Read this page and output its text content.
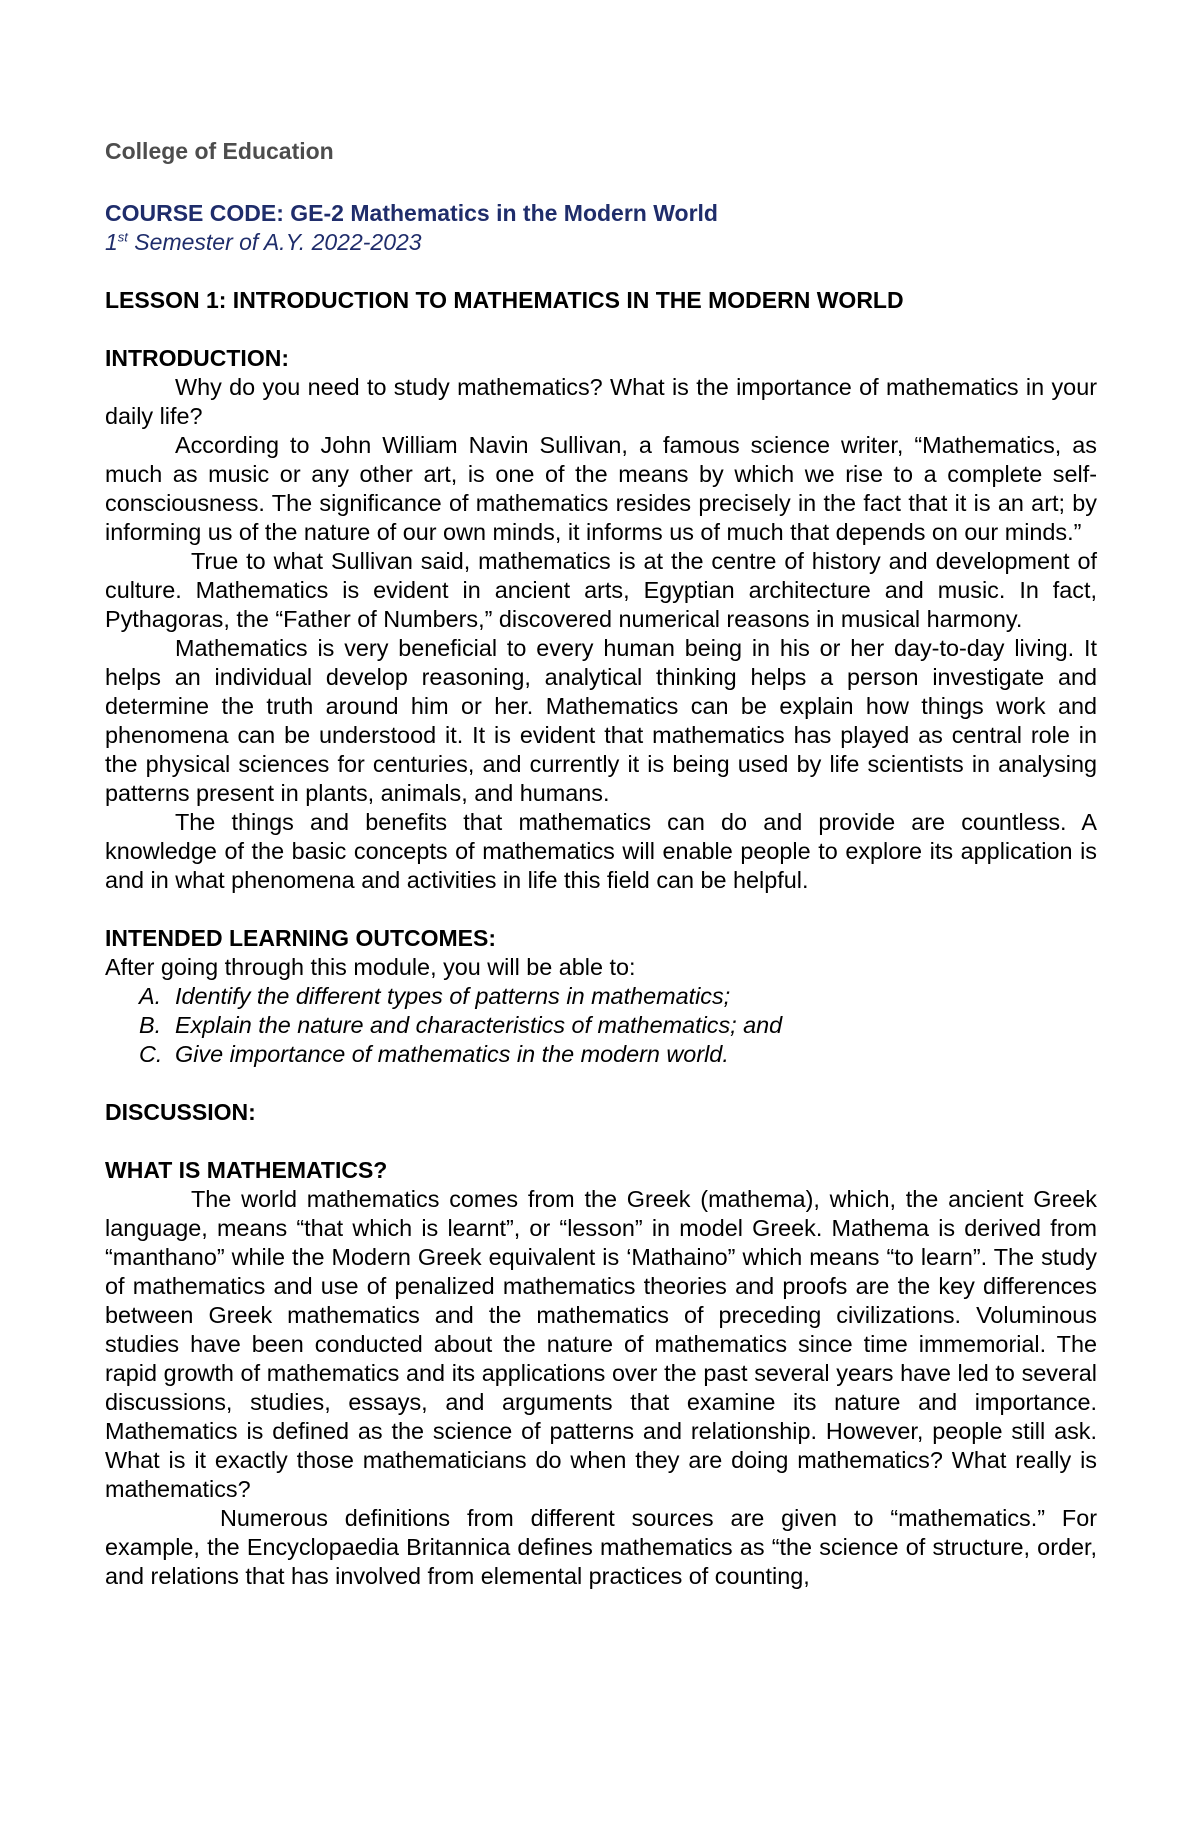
College of Education
COURSE CODE: GE-2 Mathematics in the Modern World
1st Semester of A.Y. 2022-2023
LESSON 1: INTRODUCTION TO MATHEMATICS IN THE MODERN WORLD
INTRODUCTION:

Why do you need to study mathematics? What is the importance of mathematics in your daily life?

According to John William Navin Sullivan, a famous science writer, “Mathematics, as much as music or any other art, is one of the means by which we rise to a complete self-consciousness. The significance of mathematics resides precisely in the fact that it is an art; by informing us of the nature of our own minds, it informs us of much that depends on our minds.”

True to what Sullivan said, mathematics is at the centre of history and development of culture. Mathematics is evident in ancient arts, Egyptian architecture and music. In fact, Pythagoras, the “Father of Numbers,” discovered numerical reasons in musical harmony.

Mathematics is very beneficial to every human being in his or her day-to-day living. It helps an individual develop reasoning, analytical thinking helps a person investigate and determine the truth around him or her. Mathematics can be explain how things work and phenomena can be understood it. It is evident that mathematics has played as central role in the physical sciences for centuries, and currently it is being used by life scientists in analysing patterns present in plants, animals, and humans.

The things and benefits that mathematics can do and provide are countless. A knowledge of the basic concepts of mathematics will enable people to explore its application is and in what phenomena and activities in life this field can be helpful.

INTENDED LEARNING OUTCOMES:

After going through this module, you will be able to:

A. Identify the different types of patterns in mathematics;
B. Explain the nature and characteristics of mathematics; and
C. Give importance of mathematics in the modern world.
DISCUSSION:
WHAT IS MATHEMATICS?

The world mathematics comes from the Greek (mathema), which, the ancient Greek language, means “that which is learnt”, or “lesson” in model Greek. Mathema is derived from “manthano” while the Modern Greek equivalent is ‘Mathaino” which means “to learn”. The study of mathematics and use of penalized mathematics theories and proofs are the key differences between Greek mathematics and the mathematics of preceding civilizations. Voluminous studies have been conducted about the nature of mathematics since time immemorial. The rapid growth of mathematics and its applications over the past several years have led to several discussions, studies, essays, and arguments that examine its nature and importance. Mathematics is defined as the science of patterns and relationship. However, people still ask. What is it exactly those mathematicians do when they are doing mathematics? What really is mathematics?

Numerous definitions from different sources are given to “mathematics.” For example, the Encyclopaedia Britannica defines mathematics as “the science of structure, order, and relations that has involved from elemental practices of counting,
